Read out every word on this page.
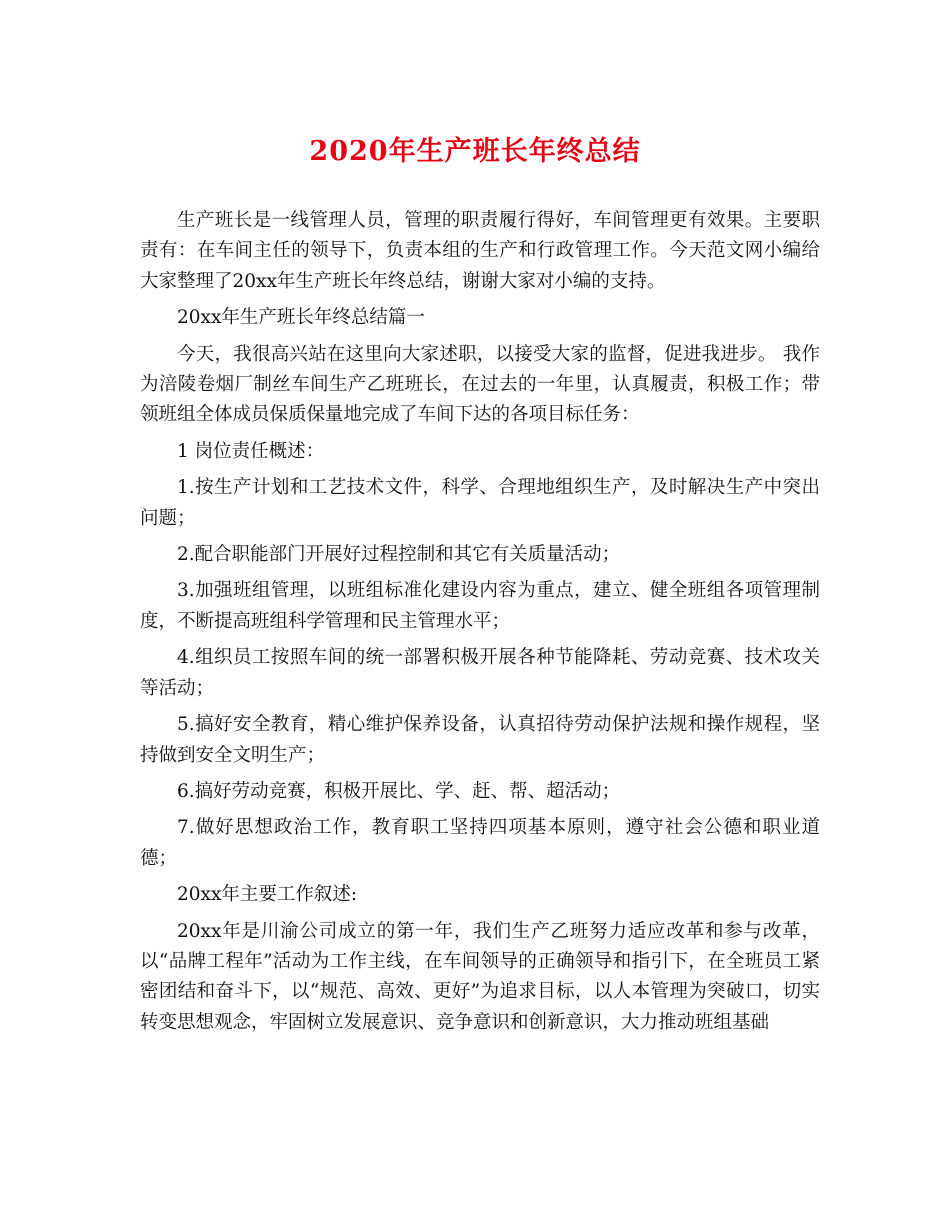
2020年生产班长年终总结

生产班长是一线管理人员，管理的职责履行得好，车间管理更有效果。主要职责有：在车间主任的领导下，负责本组的生产和行政管理工作。今天范文网小编给大家整理了20xx年生产班长年终总结，谢谢大家对小编的支持。

20xx年生产班长年终总结篇一

今天，我很高兴站在这里向大家述职，以接受大家的监督，促进我进步。 我作为涪陵卷烟厂制丝车间生产乙班班长，在过去的一年里，认真履责，积极工作；带领班组全体成员保质保量地完成了车间下达的各项目标任务：

1 岗位责任概述：

1.按生产计划和工艺技术文件，科学、合理地组织生产，及时解决生产中突出问题；

2.配合职能部门开展好过程控制和其它有关质量活动；

3.加强班组管理，以班组标准化建设内容为重点，建立、健全班组各项管理制度，不断提高班组科学管理和民主管理水平；

4.组织员工按照车间的统一部署积极开展各种节能降耗、劳动竞赛、技术攻关等活动；

5.搞好安全教育，精心维护保养设备，认真招待劳动保护法规和操作规程，坚持做到安全文明生产；

6.搞好劳动竞赛，积极开展比、学、赶、帮、超活动；

7.做好思想政治工作，教育职工坚持四项基本原则，遵守社会公德和职业道德；

20xx年主要工作叙述:

20xx年是川渝公司成立的第一年，我们生产乙班努力适应改革和参与改革，以“品牌工程年”活动为工作主线，在车间领导的正确领导和指引下，在全班员工紧密团结和奋斗下，以“规范、高效、更好”为追求目标，以人本管理为突破口，切实转变思想观念，牢固树立发展意识、竞争意识和创新意识，大力推动班组基础
